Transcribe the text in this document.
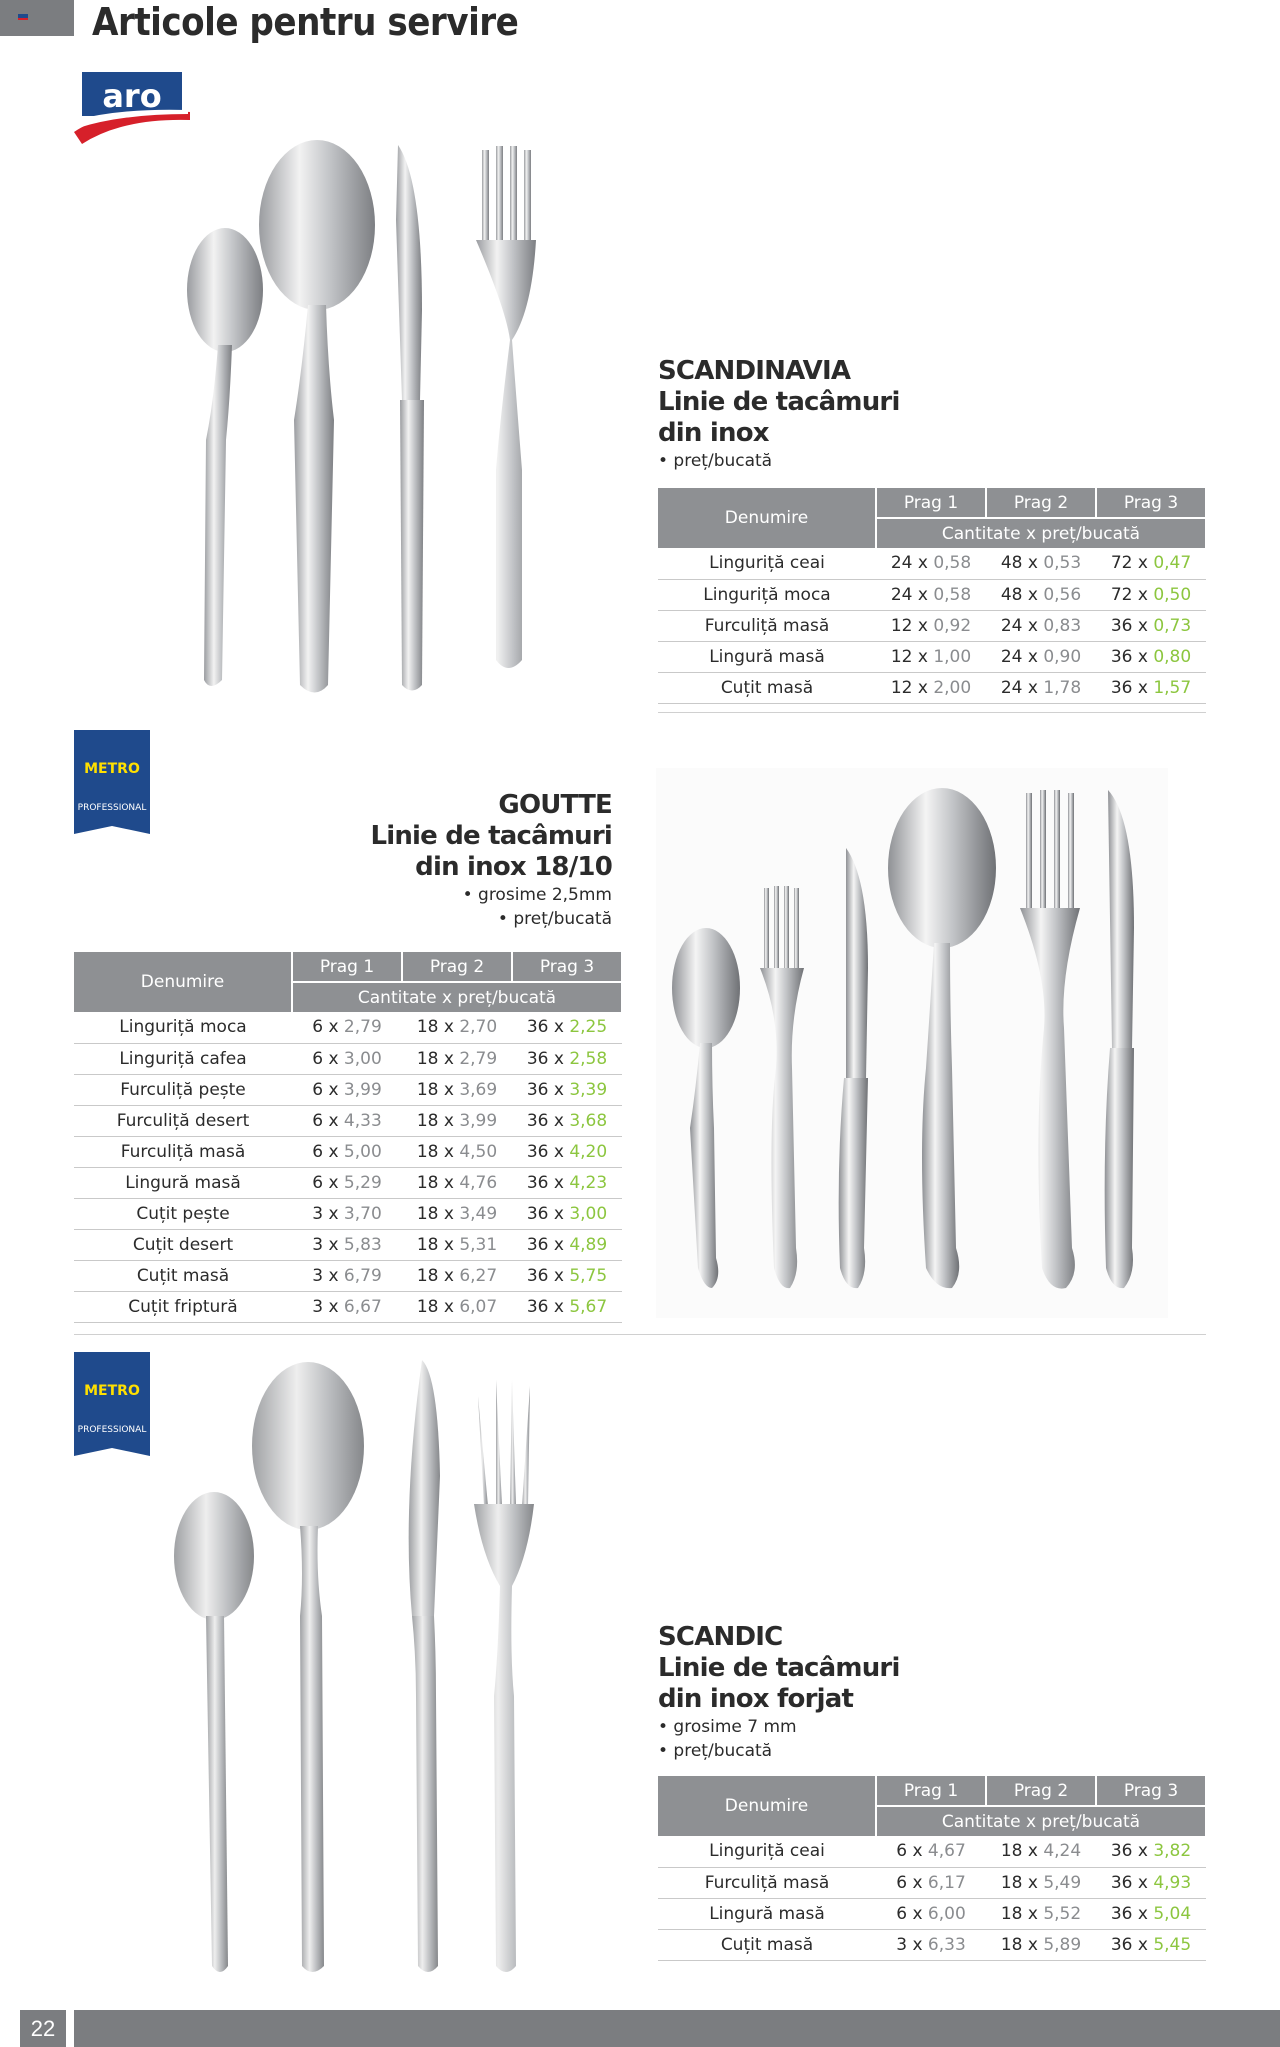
Articole pentru servire
aro
SCANDINAVIA
Linie de tacâmuri
din inox
• preț/bucată
Denumire	Prag 1	Prag 2	Prag 3
	Cantitate x preț/bucată		
Linguriță ceai	24 x 0,58	48 x 0,53	72 x 0,47
Linguriță moca	24 x 0,58	48 x 0,56	72 x 0,50
Furculiță masă	12 x 0,92	24 x 0,83	36 x 0,73
Lingură masă	12 x 1,00	24 x 0,90	36 x 0,80
Cuțit masă	12 x 2,00	24 x 1,78	36 x 1,57
METRO
PROFESSIONAL	GOUTTE
Linie de tacâmuri
din inox 18/10
• grosime 2,5mm
• preț/bucată
Denumire	Prag 1	Prag 2	Prag 3
	Cantitate x preț/bucată		
Linguriță moca	6 x 2,79	18 x 2,70	36 x 2,25
Linguriță cafea	6 x 3,00	18 x 2,79	36 x 2,58
Furculiță pește	6 x 3,99	18 x 3,69	36 x 3,39
Furculiță desert	6 x 4,33	18 x 3,99	36 x 3,68
Furculiță masă	6 x 5,00	18 x 4,50	36 x 4,20
Lingură masă	6 x 5,29	18 x 4,76	36 x 4,23
Cuțit pește	3 x 3,70	18 x 3,49	36 x 3,00
Cuțit desert	3 x 5,83	18 x 5,31	36 x 4,89
Cuțit masă	3 x 6,79	18 x 6,27	36 x 5,75
Cuțit friptură	3 x 6,67	18 x 6,07	36 x 5,67
METRO
PROFESSIONAL
SCANDIC
Linie de tacâmuri
din inox forjat
• grosime 7 mm
• preț/bucată
Denumire	Prag 1	Prag 2	Prag 3
	Cantitate x preț/bucată		
Linguriță ceai	6 x 4,67	18 x 4,24	36 x 3,82
Furculiță masă	6 x 6,17	18 x 5,49	36 x 4,93
Lingură masă	6 x 6,00	18 x 5,52	36 x 5,04
Cuțit masă	3 x 6,33	18 x 5,89	36 x 5,45
22
